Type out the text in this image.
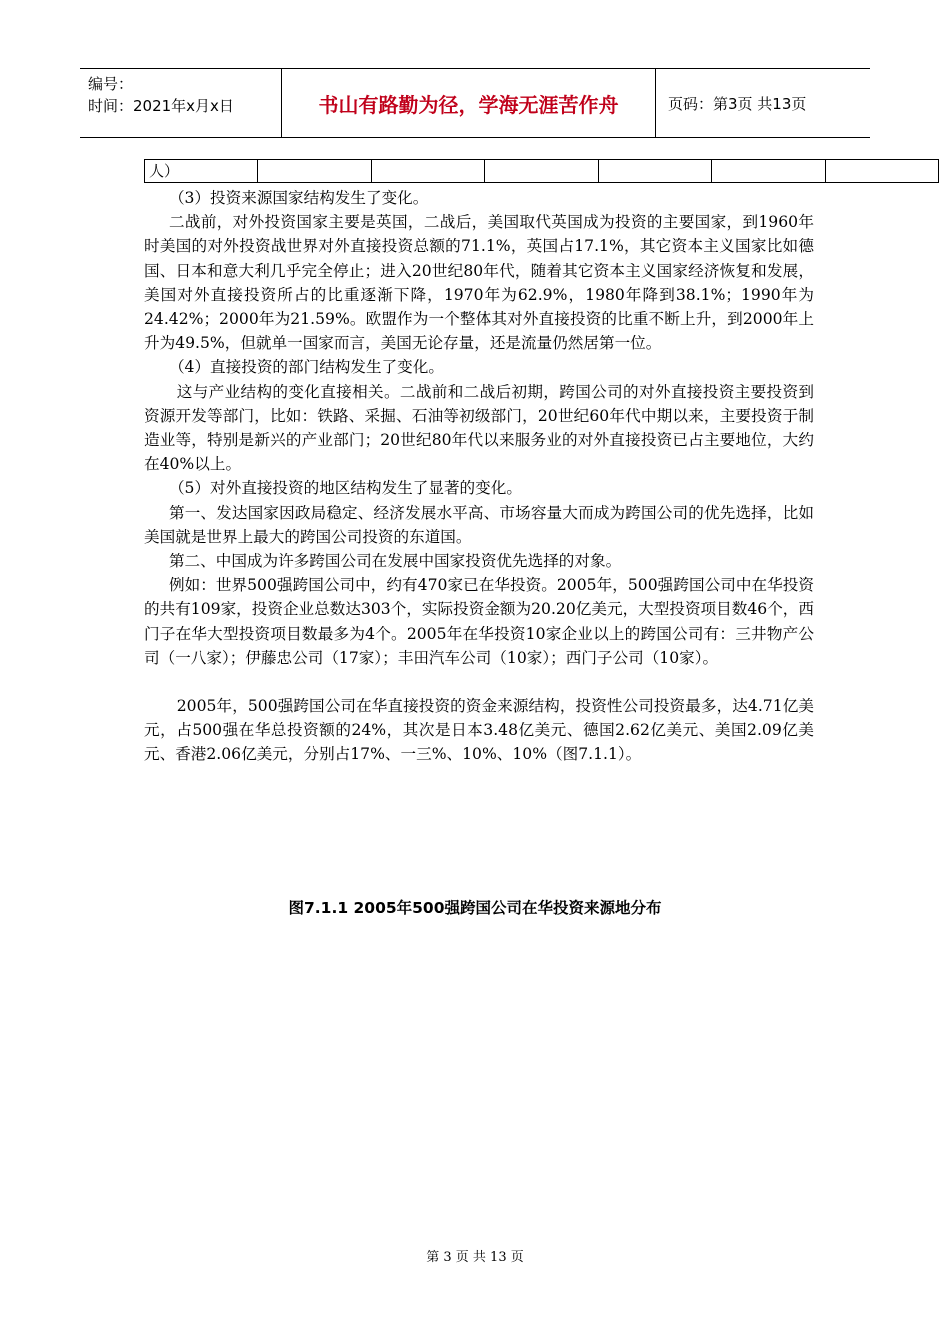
编号：
时间：2021年x月x日	书山有路勤为径，学海无涯苦作舟	页码：第3页 共13页
人）						

（3）投资来源国家结构发生了变化。

二战前，对外投资国家主要是英国，二战后，美国取代英国成为投资的主要国家，到1960年时美国的对外投资战世界对外直接投资总额的71.1%，英国占17.1%，其它资本主义国家比如德国、日本和意大利几乎完全停止；进入20世纪80年代，随着其它资本主义国家经济恢复和发展，美国对外直接投资所占的比重逐渐下降，1970年为62.9%，1980年降到38.1%；1990年为24.42%；2000年为21.59%。欧盟作为一个整体其对外直接投资的比重不断上升，到2000年上升为49.5%，但就单一国家而言，美国无论存量，还是流量仍然居第一位。

（4）直接投资的部门结构发生了变化。

这与产业结构的变化直接相关。二战前和二战后初期，跨国公司的对外直接投资主要投资到资源开发等部门，比如：铁路、采掘、石油等初级部门，20世纪60年代中期以来，主要投资于制造业等，特别是新兴的产业部门；20世纪80年代以来服务业的对外直接投资已占主要地位，大约在40%以上。

（5）对外直接投资的地区结构发生了显著的变化。

第一、发达国家因政局稳定、经济发展水平高、市场容量大而成为跨国公司的优先选择，比如美国就是世界上最大的跨国公司投资的东道国。

第二、中国成为许多跨国公司在发展中国家投资优先选择的对象。

例如：世界500强跨国公司中，约有470家已在华投资。2005年，500强跨国公司中在华投资的共有109家，投资企业总数达303个，实际投资金额为20.20亿美元，大型投资项目数46个，西门子在华大型投资项目数最多为4个。2005年在华投资10家企业以上的跨国公司有：三井物产公司（一八家）；伊藤忠公司（17家）；丰田汽车公司（10家）；西门子公司（10家）。

2005年，500强跨国公司在华直接投资的资金来源结构，投资性公司投资最多，达4.71亿美元，占500强在华总投资额的24%，其次是日本3.48亿美元、德国2.62亿美元、美国2.09亿美元、香港2.06亿美元，分别占17%、一三%、10%、10%（图7.1.1）。

图7.1.1 2005年500强跨国公司在华投资来源地分布
第 3 页 共 13 页
